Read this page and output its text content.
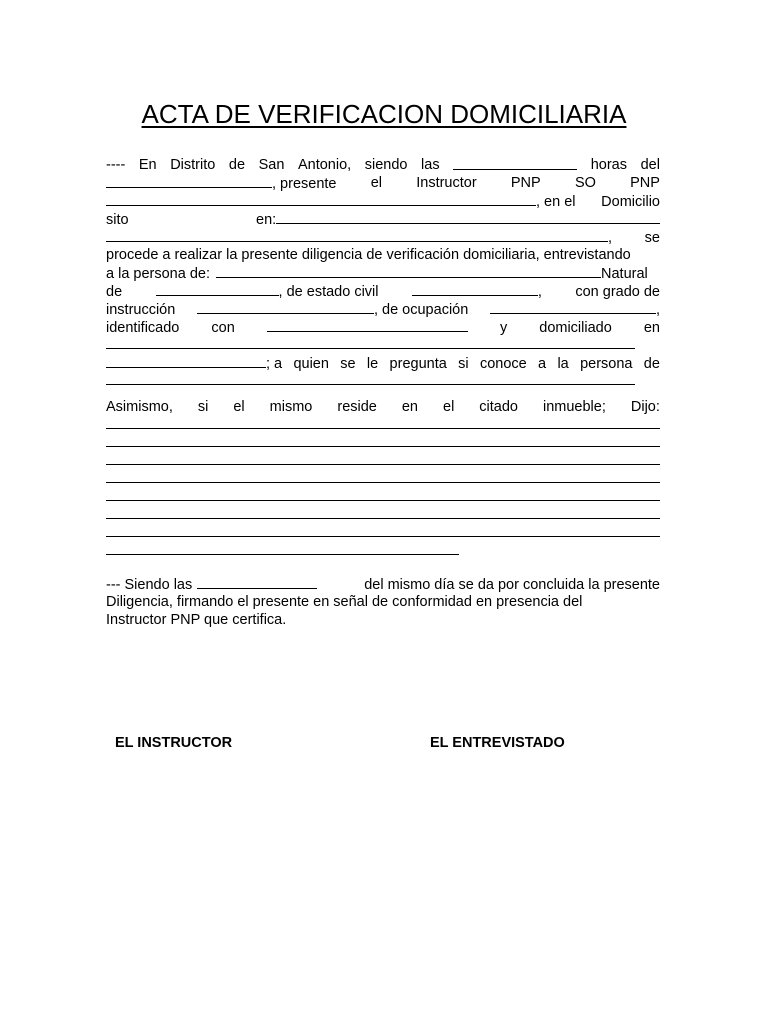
ACTA DE VERIFICACION DOMICILIARIA
---- En Distrito de San Antonio, siendo las	horas del
, presente el Instructor PNP SO PNP
, en el Domicilio
sito	en:
, se
procede a realizar la presente diligencia de verificación domiciliaria, entrevistando
a la persona de:	Natural
de	, de estado civil	, con grado de
instrucción	, de ocupación	,
identificado con	y domiciliado en
; a quien se le pregunta si conoce a la persona de
Asimismo, si el mismo reside en el citado inmueble; Dijo:
--- Siendo las	del mismo día se da por concluida la presente
Diligencia, firmando el presente en señal de conformidad en presencia del
Instructor PNP que certifica.
EL INSTRUCTOR	EL ENTREVISTADO
